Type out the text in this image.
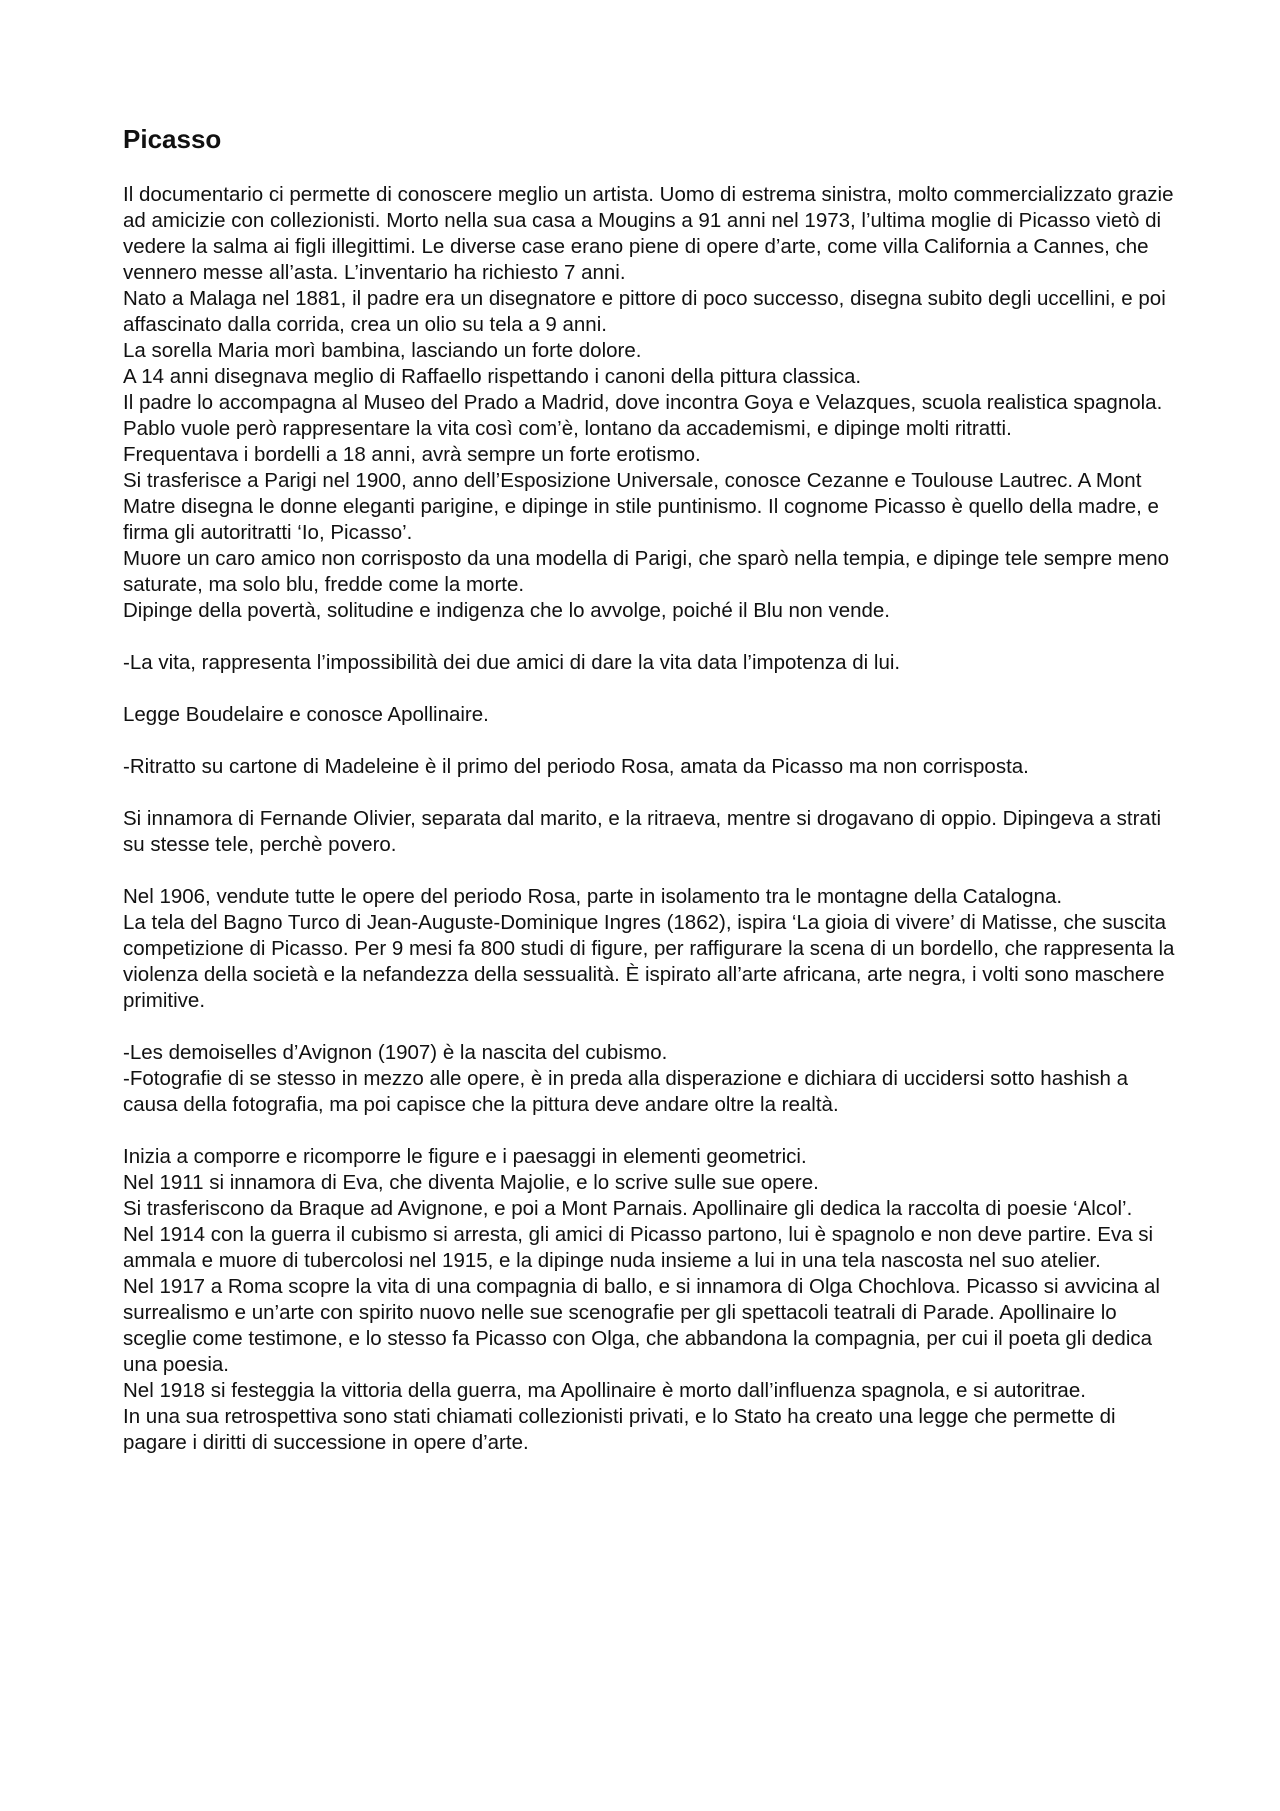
Picasso

Il documentario ci permette di conoscere meglio un artista. Uomo di estrema sinistra, molto commercializzato grazie ad amicizie con collezionisti. Morto nella sua casa a Mougins a 91 anni nel 1973, l’ultima moglie di Picasso vietò di vedere la salma ai figli illegittimi. Le diverse case erano piene di opere d’arte, come villa California a Cannes, che vennero messe all’asta. L’inventario ha richiesto 7 anni.

Nato a Malaga nel 1881, il padre era un disegnatore e pittore di poco successo, disegna subito degli uccellini, e poi affascinato dalla corrida, crea un olio su tela a 9 anni.

La sorella Maria morì bambina, lasciando un forte dolore.

A 14 anni disegnava meglio di Raffaello rispettando i canoni della pittura classica.

Il padre lo accompagna al Museo del Prado a Madrid, dove incontra Goya e Velazques, scuola realistica spagnola. Pablo vuole però rappresentare la vita così com’è, lontano da accademismi, e dipinge molti ritratti.

Frequentava i bordelli a 18 anni, avrà sempre un forte erotismo.

Si trasferisce a Parigi nel 1900, anno dell’Esposizione Universale, conosce Cezanne e Toulouse Lautrec. A Mont Matre disegna le donne eleganti parigine, e dipinge in stile puntinismo. Il cognome Picasso è quello della madre, e firma gli autoritratti ‘Io, Picasso’.

Muore un caro amico non corrisposto da una modella di Parigi, che sparò nella tempia, e dipinge tele sempre meno saturate, ma solo blu, fredde come la morte.

Dipinge della povertà, solitudine e indigenza che lo avvolge, poiché il Blu non vende.

-La vita, rappresenta l’impossibilità dei due amici di dare la vita data l’impotenza di lui.

Legge Boudelaire e conosce Apollinaire.

-Ritratto su cartone di Madeleine è il primo del periodo Rosa, amata da Picasso ma non corrisposta.

Si innamora di Fernande Olivier, separata dal marito, e la ritraeva, mentre si drogavano di oppio. Dipingeva a strati su stesse tele, perchè povero.

Nel 1906, vendute tutte le opere del periodo Rosa, parte in isolamento tra le montagne della Catalogna.

La tela del Bagno Turco di Jean-Auguste-Dominique Ingres (1862), ispira ‘La gioia di vivere’ di Matisse, che suscita competizione di Picasso. Per 9 mesi fa 800 studi di figure, per raffigurare la scena di un bordello, che rappresenta la violenza della società e la nefandezza della sessualità. È ispirato all’arte africana, arte negra, i volti sono maschere primitive.

-Les demoiselles d’Avignon (1907) è la nascita del cubismo.

-Fotografie di se stesso in mezzo alle opere, è in preda alla disperazione e dichiara di uccidersi sotto hashish a causa della fotografia, ma poi capisce che la pittura deve andare oltre la realtà.

Inizia a comporre e ricomporre le figure e i paesaggi in elementi geometrici.

Nel 1911 si innamora di Eva, che diventa Majolie, e lo scrive sulle sue opere.

Si trasferiscono da Braque ad Avignone, e poi a Mont Parnais. Apollinaire gli dedica la raccolta di poesie ‘Alcol’.

Nel 1914 con la guerra il cubismo si arresta, gli amici di Picasso partono, lui è spagnolo e non deve partire. Eva si ammala e muore di tubercolosi nel 1915, e la dipinge nuda insieme a lui in una tela nascosta nel suo atelier.

Nel 1917 a Roma scopre la vita di una compagnia di ballo, e si innamora di Olga Chochlova. Picasso si avvicina al surrealismo e un’arte con spirito nuovo nelle sue scenografie per gli spettacoli teatrali di Parade. Apollinaire lo sceglie come testimone, e lo stesso fa Picasso con Olga, che abbandona la compagnia, per cui il poeta gli dedica una poesia.

Nel 1918 si festeggia la vittoria della guerra, ma Apollinaire è morto dall’influenza spagnola, e si autoritrae.

In una sua retrospettiva sono stati chiamati collezionisti privati, e lo Stato ha creato una legge che permette di pagare i diritti di successione in opere d’arte.
